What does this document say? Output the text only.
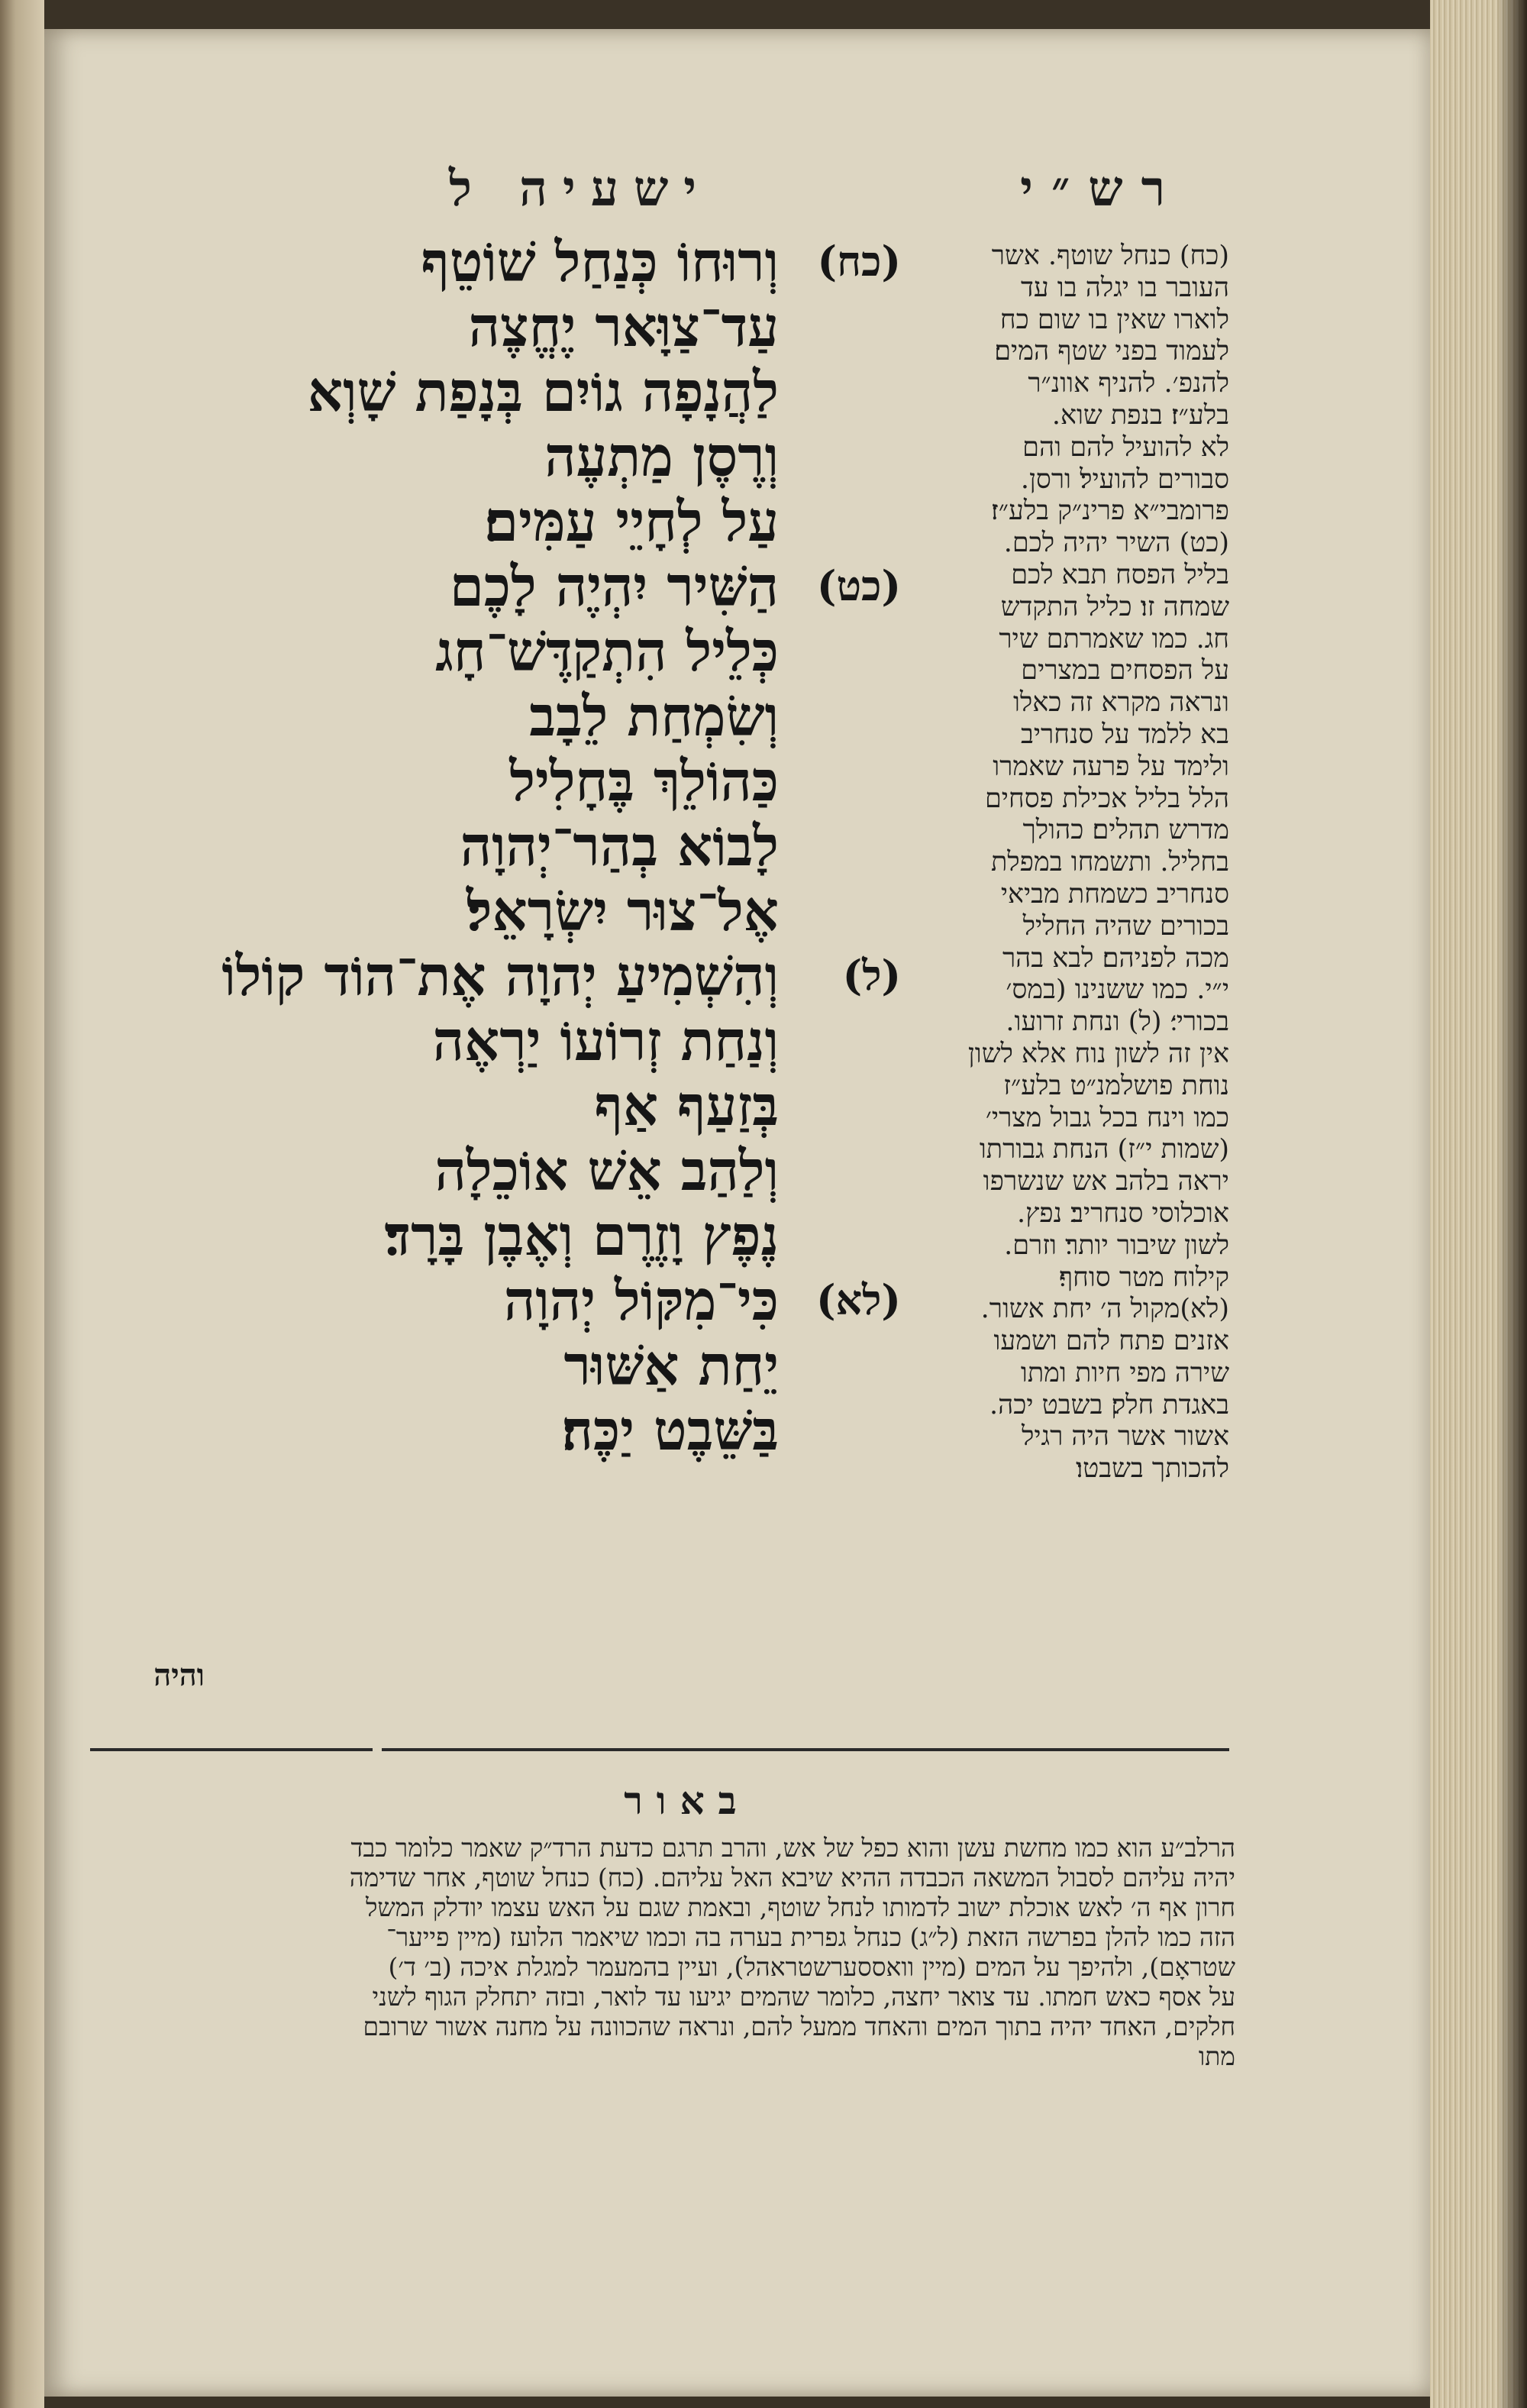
רש״י
ישעיה ל
(כח)
וְרוּחוֹ כְּנַחַל שׁוֹטֵף
עַד־צַוָּאר יֶחֱצֶה
לַהֲנָפָה גוֹיִם בְּנָפַת שָׁוְא
וְרֶסֶן מַתְעֶה
עַל לְחָיֵי עַמִּים׃
(כט)
הַשִּׁיר יִהְיֶה לָכֶם
כְּלֵיל הִתְקַדֶּשׁ־חָג
וְשִׂמְחַת לֵבָב
כַּהוֹלֵךְ בֶּחָלִיל
לָבוֹא בְהַר־יְהוָה
אֶל־צוּר יִשְׂרָאֵל׃
(ל)
וְהִשְׁמִיעַ יְהוָה אֶת־הוֹד קוֹלוֹ
וְנַחַת זְרוֹעוֹ יַרְאֶה
בְּזַעַף אַף
וְלַהַב אֵשׁ אוֹכֵלָה
נֶפֶץ וָזֶרֶם וְאֶבֶן בָּרָד׃
(לא)
כִּי־מִקּוֹל יְהוָה
יֵחַת אַשּׁוּר
בַּשֵּׁבֶט יַכֶּה׃
והיה

(כח) כנחל שוטף. אשר

העובר בו יגלה בו עד

לוארו שאין בו שום כח

לעמוד בפני שטף המים׃

להנפ׳. להניף אוונ״ר

בלע״ז׃ בנפת שוא.

לא להועיל להם והם

סבורים להועיל׃ ורסן.

פרומבי״א פרינ״ק בלע״ז׃

(כט) השיר יהיה לכם.

בליל הפסח תבא לכם

שמחה זו׃ כליל התקדש

חג. כמו שאמרתם שיר

על הפסחים במצרים

ונראה מקרא זה כאלו

בא ללמד על סנחריב

ולימד על פרעה שאמרו

הלל בליל אכילת פסחים

מדרש תהלים׃ כהולך

בחליל. ותשמחו במפלת

סנחריב כשמחת מביאי

בכורים שהיה החליל

מכה לפניהם׃ לבא בהר

י״י. כמו ששנינו (במס׳

בכורי׳׃ (ל) ונחת זרועו.

אין זה לשון נוח אלא לשון

נוחת פושלמנ״ט בלע״ז

כמו וינח בכל גבול מצרי׳

(שמות י״ז) הנחת גבורתו

יראה בלהב אש שנשרפו

אוכלוסי סנחריב׃ נפץ.

לשון שיבור יותר׃ וזרם.

קילוח מטר סוחף׃

(לא)מקול ה׳ יחת אשור.

אזנים פתח להם ושמעו

שירה מפי חיות ומתו

באגדת חלק׃ בשבט יכה.

אשור אשר היה רגיל

להכותך בשבטו׃

באור

הרלב״ע הוא כמו מחשת עשן והוא כפל של אש, והרב תרגם כדעת הרד״ק שאמר כלומר כבד

יהיה עליהם לסבול המשאה הכבדה ההיא שיבא האל עליהם. (כח) כנחל שוטף, אחר שדימה

חרון אף ה׳ לאש אוכלת ישוב לדמותו לנחל שוטף, ובאמת שגם על האש עצמו יודלק המשל

הזה כמו להלן בפרשה הזאת (ל״ג) כנחל גפרית בערה בה וכמו שיאמר הלועז (מיין פייער־

שטראָם), ולהיפך על המים (מיין וואססערשטראהל), ועיין בהמעמר למגלת איכה (ב׳ ד׳)

על אסף כאש חמתו. עד צואר יחצה, כלומר שהמים יגיעו עד לואר, ובזה יתחלק הגוף לשני

חלקים, האחד יהיה בתוך המים והאחד ממעל להם, ונראה שהכוונה על מחנה אשור שרובם

מתו
